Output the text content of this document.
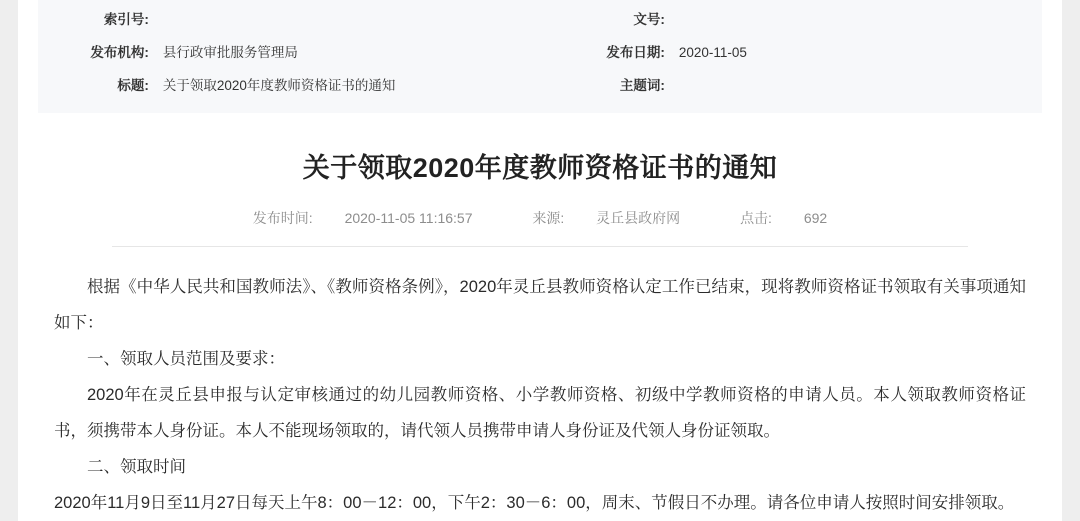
索引号:		文号:	
发布机构:	县行政审批服务管理局	发布日期:	2020-11-05
标题:	关于领取2020年度教师资格证书的通知	主题词:	
关于领取2020年度教师资格证书的通知
发布时间: 2020-11-05 11:16:57	来源: 灵丘县政府网	点击: 692

根据《中华人民共和国教师法》、《教师资格条例》，2020年灵丘县教师资格认定工作已结束，现将教师资格证书领取有关事项通知如下：

一、领取人员范围及要求：

2020年在灵丘县申报与认定审核通过的幼儿园教师资格、小学教师资格、初级中学教师资格的申请人员。本人领取教师资格证书，须携带本人身份证。本人不能现场领取的，请代领人员携带申请人身份证及代领人身份证领取。

二、领取时间

2020年11月9日至11月27日每天上午8：00－12：00，下午2：30－6：00，周末、节假日不办理。请各位申请人按照时间安排领取。
